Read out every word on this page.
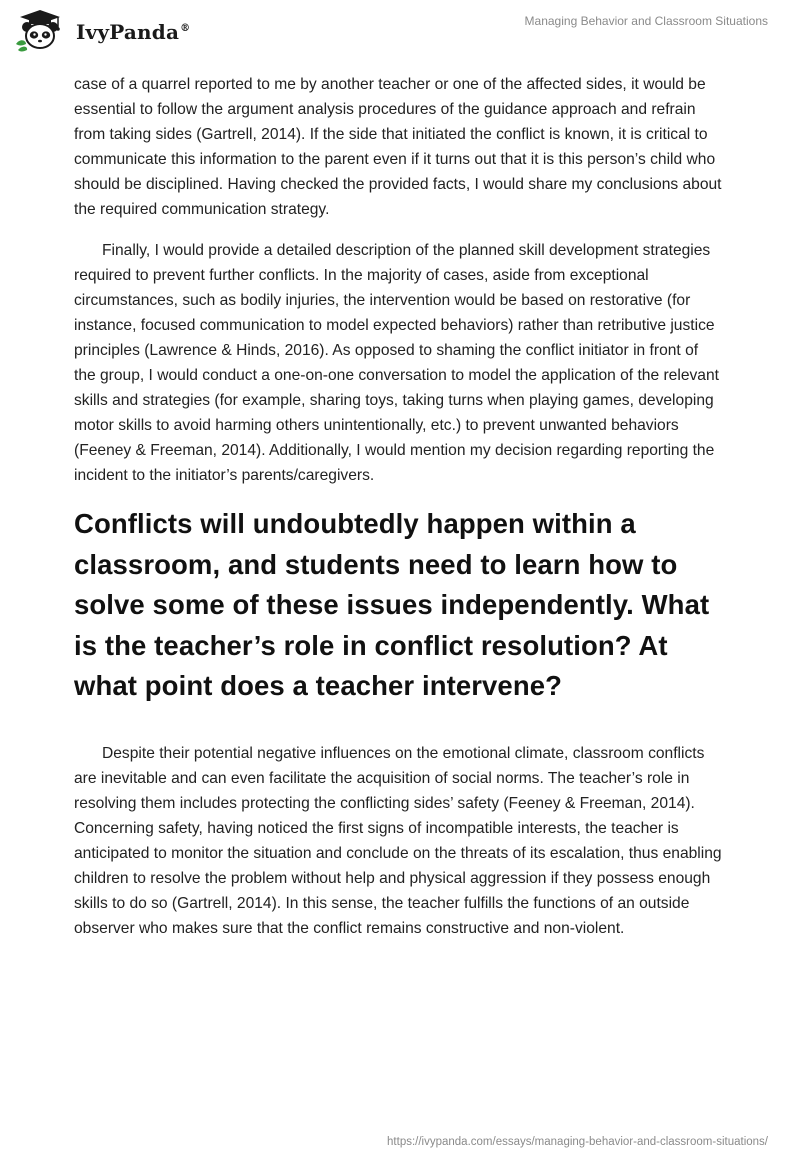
IvyPanda®
Managing Behavior and Classroom Situations

case of a quarrel reported to me by another teacher or one of the affected sides, it would be essential to follow the argument analysis procedures of the guidance approach and refrain from taking sides (Gartrell, 2014). If the side that initiated the conflict is known, it is critical to communicate this information to the parent even if it turns out that it is this person’s child who should be disciplined. Having checked the provided facts, I would share my conclusions about the required communication strategy.

Finally, I would provide a detailed description of the planned skill development strategies required to prevent further conflicts. In the majority of cases, aside from exceptional circumstances, such as bodily injuries, the intervention would be based on restorative (for instance, focused communication to model expected behaviors) rather than retributive justice principles (Lawrence & Hinds, 2016). As opposed to shaming the conflict initiator in front of the group, I would conduct a one-on-one conversation to model the application of the relevant skills and strategies (for example, sharing toys, taking turns when playing games, developing motor skills to avoid harming others unintentionally, etc.) to prevent unwanted behaviors (Feeney & Freeman, 2014). Additionally, I would mention my decision regarding reporting the incident to the initiator’s parents/caregivers.

Conflicts will undoubtedly happen within a classroom, and students need to learn how to solve some of these issues independently. What is the teacher’s role in conflict resolution? At what point does a teacher intervene?

Despite their potential negative influences on the emotional climate, classroom conflicts are inevitable and can even facilitate the acquisition of social norms. The teacher’s role in resolving them includes protecting the conflicting sides’ safety (Feeney & Freeman, 2014). Concerning safety, having noticed the first signs of incompatible interests, the teacher is anticipated to monitor the situation and conclude on the threats of its escalation, thus enabling children to resolve the problem without help and physical aggression if they possess enough skills to do so (Gartrell, 2014). In this sense, the teacher fulfills the functions of an outside observer who makes sure that the conflict remains constructive and non-violent.

https://ivypanda.com/essays/managing-behavior-and-classroom-situations/
